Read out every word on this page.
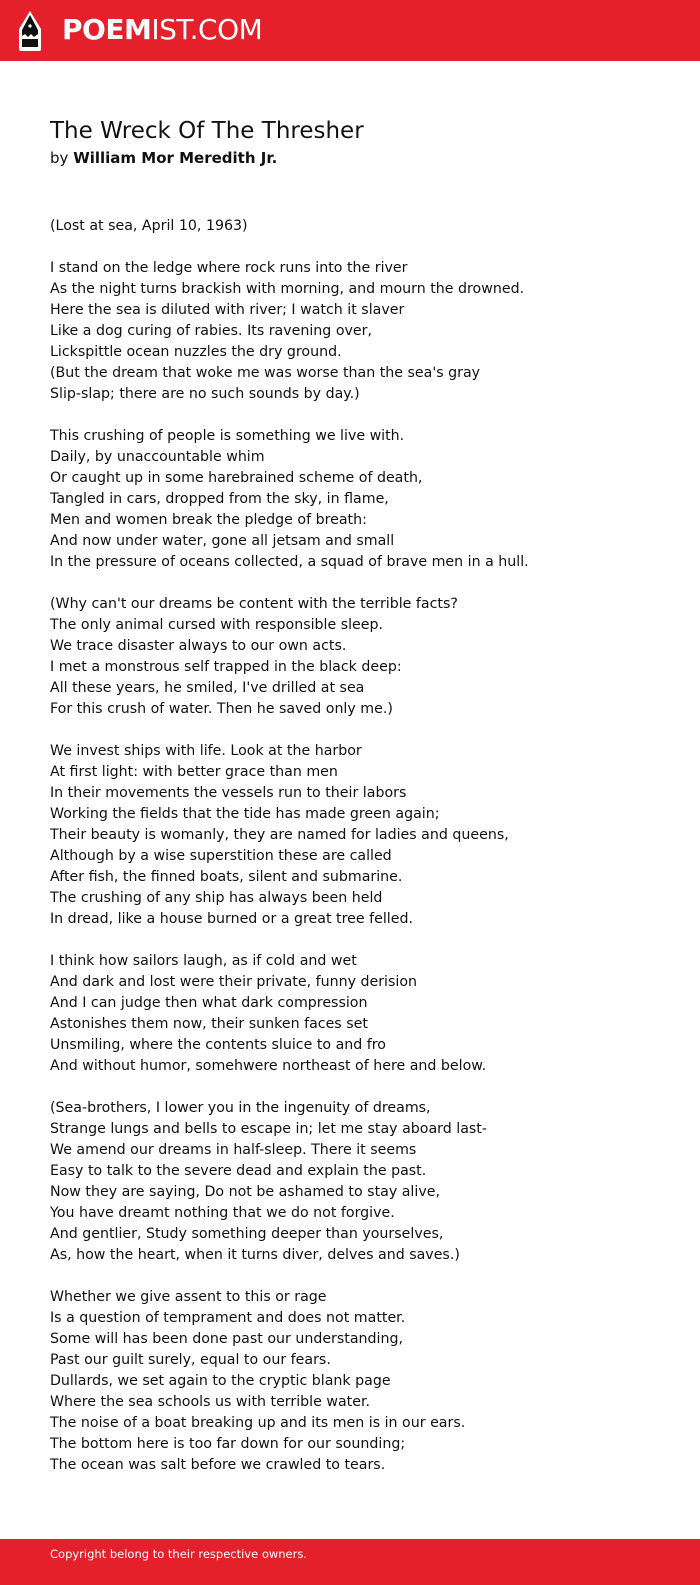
POEMIST.COM
The Wreck Of The Thresher
by William Mor Meredith Jr.
(Lost at sea, April 10, 1963)

I stand on the ledge where rock runs into the river
As the night turns brackish with morning, and mourn the drowned.
Here the sea is diluted with river; I watch it slaver
Like a dog curing of rabies. Its ravening over,
Lickspittle ocean nuzzles the dry ground.
(But the dream that woke me was worse than the sea's gray
Slip-slap; there are no such sounds by day.)

This crushing of people is something we live with.
Daily, by unaccountable whim
Or caught up in some harebrained scheme of death,
Tangled in cars, dropped from the sky, in flame,
Men and women break the pledge of breath:
And now under water, gone all jetsam and small
In the pressure of oceans collected, a squad of brave men in a hull.

(Why can't our dreams be content with the terrible facts?
The only animal cursed with responsible sleep.
We trace disaster always to our own acts.
I met a monstrous self trapped in the black deep:
All these years, he smiled, I've drilled at sea
For this crush of water. Then he saved only me.)

We invest ships with life. Look at the harbor
At first light: with better grace than men
In their movements the vessels run to their labors
Working the fields that the tide has made green again;
Their beauty is womanly, they are named for ladies and queens,
Although by a wise superstition these are called
After fish, the finned boats, silent and submarine.
The crushing of any ship has always been held
In dread, like a house burned or a great tree felled.

I think how sailors laugh, as if cold and wet
And dark and lost were their private, funny derision
And I can judge then what dark compression
Astonishes them now, their sunken faces set
Unsmiling, where the contents sluice to and fro
And without humor, somehwere northeast of here and below.

(Sea-brothers, I lower you in the ingenuity of dreams,
Strange lungs and bells to escape in; let me stay aboard last-
We amend our dreams in half-sleep. There it seems
Easy to talk to the severe dead and explain the past.
Now they are saying, Do not be ashamed to stay alive,
You have dreamt nothing that we do not forgive.
And gentlier, Study something deeper than yourselves,
As, how the heart, when it turns diver, delves and saves.)

Whether we give assent to this or rage
Is a question of temprament and does not matter.
Some will has been done past our understanding,
Past our guilt surely, equal to our fears.
Dullards, we set again to the cryptic blank page
Where the sea schools us with terrible water.
The noise of a boat breaking up and its men is in our ears.
The bottom here is too far down for our sounding;
The ocean was salt before we crawled to tears.
Copyright belong to their respective owners.
